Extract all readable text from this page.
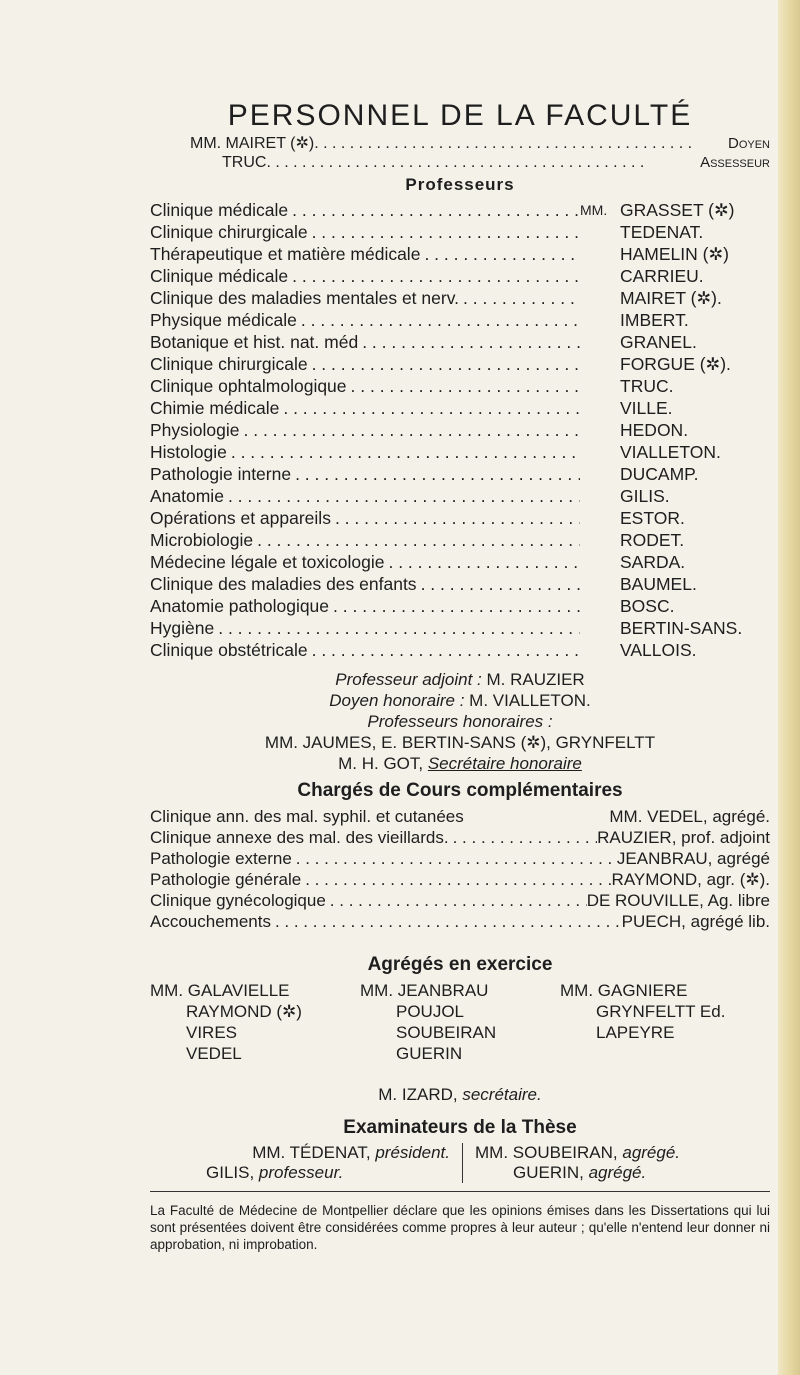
PERSONNEL DE LA FACULTÉ
MM. MAIRET (✲) . . .	Doyen
TRUC . . .	Assesseur
Professeurs
Clinique médicale . . .	MM. GRASSET (✲)
Clinique chirurgicale . . .	TEDENAT.
Thérapeutique et matière médicale . . .	HAMELIN (✲)
Clinique médicale . . .	CARRIEU.
Clinique des maladies mentales et nerv. . . .	MAIRET (✲).
Physique médicale . . .	IMBERT.
Botanique et hist. nat. méd . . .	GRANEL.
Clinique chirurgicale . . .	FORGUE (✲).
Clinique ophtalmologique . . .	TRUC.
Chimie médicale . . .	VILLE.
Physiologie . . .	HEDON.
Histologie . . .	VIALLETON.
Pathologie interne . . .	DUCAMP.
Anatomie . . .	GILIS.
Opérations et appareils . . .	ESTOR.
Microbiologie . . .	RODET.
Médecine légale et toxicologie . . .	SARDA.
Clinique des maladies des enfants . . .	BAUMEL.
Anatomie pathologique . . .	BOSC.
Hygiène . . .	BERTIN-SANS.
Clinique obstétricale . . .	VALLOIS.
Professeur adjoint : M. RAUZIER
Doyen honoraire : M. VIALLETON.
Professeurs honoraires :
MM. JAUMES, E. BERTIN-SANS (✲), GRYNFELTT
M. H. GOT, Secrétaire honoraire
Chargés de Cours complémentaires
Clinique ann. des mal. syphil. et cutanées	MM. VEDEL, agrégé.
Clinique annexe des mal. des vieillards. . . .	RAUZIER, prof. adjoint
Pathologie externe . . .	JEANBRAU, agrégé
Pathologie générale . . .	RAYMOND, agr. (✲).
Clinique gynécologique . . .	DE ROUVILLE, Ag. libre
Accouchements . . .	PUECH, agrégé lib.
Agrégés en exercice
MM. GALAVIELLE
RAYMOND (✲)
VIRES
VEDEL
MM. JEANBRAU
POUJOL
SOUBEIRAN
GUERIN
MM. GAGNIERE
GRYNFELTT Ed.
LAPEYRE
M. IZARD, secrétaire.
Examinateurs de la Thèse
MM. TÉDENAT, président.
GILIS, professeur.
MM. SOUBEIRAN, agrégé.
GUERIN, agrégé.

La Faculté de Médecine de Montpellier déclare que les opinions émises dans les Dissertations qui lui sont présentées doivent être considérées comme propres à leur auteur ; qu'elle n'entend leur donner ni approbation, ni improbation.
